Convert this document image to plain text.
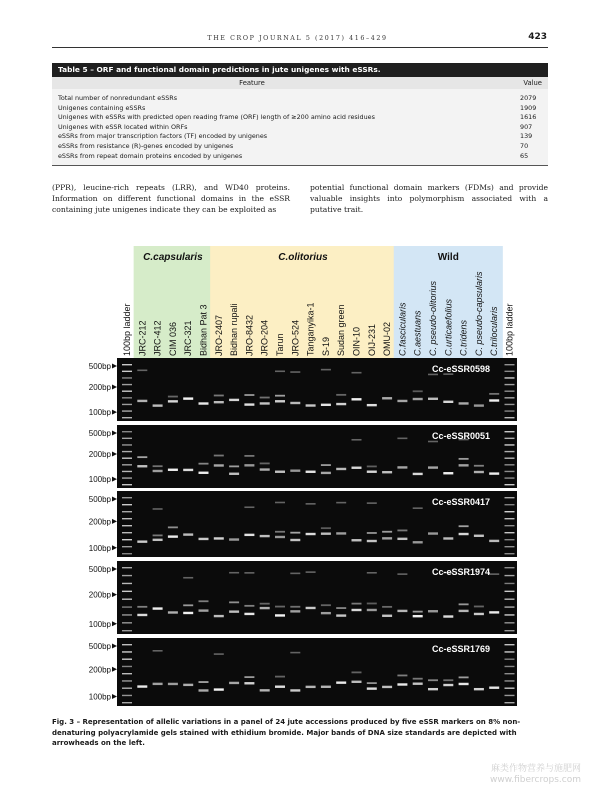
THE CROP JOURNAL 5 (2017) 416–429	423
Table 5 – ORF and functional domain predictions in jute unigenes with eSSRs.
Feature	Value
Total number of nonredundant eSSRs	2079
Unigenes containing eSSRs	1909
Unigenes with eSSRs with predicted open reading frame (ORF) length of ≥200 amino acid residues	1616
Unigenes with eSSR located within ORFs	907
eSSRs from major transcription factors (TF) encoded by unigenes	139
eSSRs from resistance (R)-genes encoded by unigenes	70
eSSRs from repeat domain proteins encoded by unigenes	65
(PPR), leucine-rich repeats (LRR), and WD40 proteins. Information on different functional domains in the eSSR containing jute unigenes indicate they can be exploited as
potential functional domain markers (FDMs) and provide valuable insights into polymorphism associated with a putative trait.
C.capsularis	C.olitorius	Wild
100bp ladder JRC-212 JRC-412 CIM 036 JRC-321 Bidhan Pat 3 JRO-2407 Bidhan rupali JRO-8432 JRO-204 Tarun JRO-524 Tanganyika-1 S-19 Sudan green OIN-10 OIJ-231 OMU-02 C.fascicularis C.aestuans C. pseudo-olitorius C.urticaefolius C.tridens C. pseudo-capsularis C.trilocularis 100bp ladder
500bp
200bp
100bp
Cc-eSSR0598
500bp
200bp
100bp
Cc-eSSR0051
500bp
200bp
100bp
Cc-eSSR0417
500bp
200bp
100bp
Cc-eSSR1974
500bp
200bp
100bp
Cc-eSSR1769
Fig. 3 – Representation of allelic variations in a panel of 24 jute accessions produced by five eSSR markers on 8% non-denaturing polyacrylamide gels stained with ethidium bromide. Major bands of DNA size standards are depicted with arrowheads on the left.
麻类作物营养与施肥网
www.fibercrops.com
